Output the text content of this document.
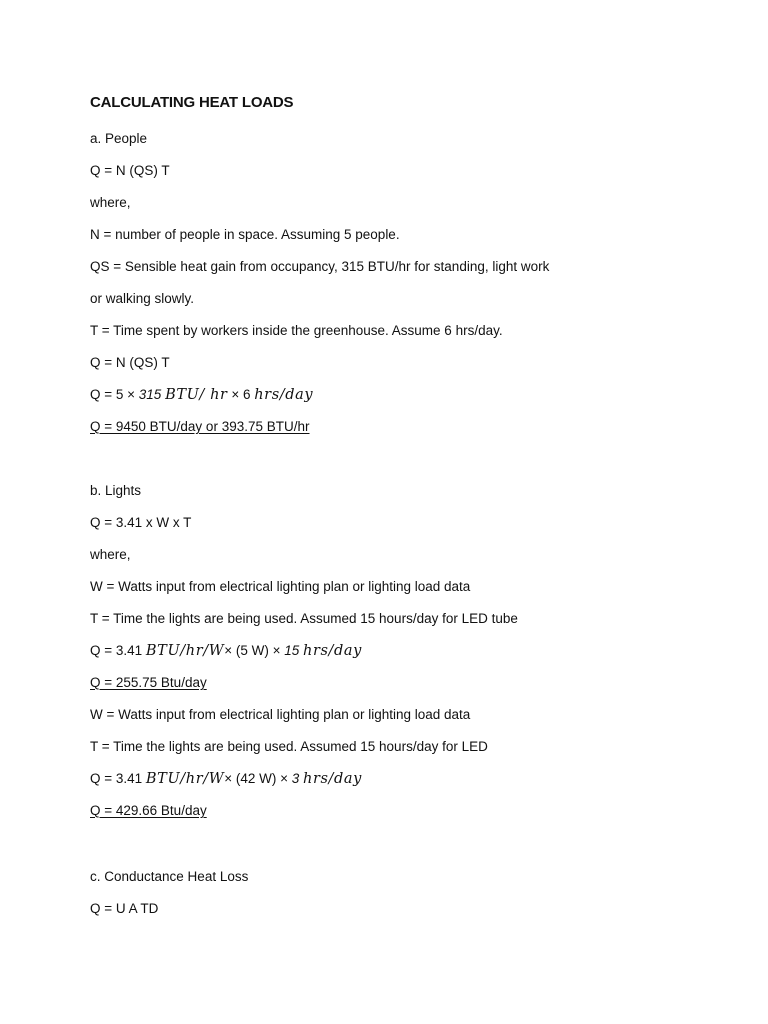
CALCULATING HEAT LOADS
a. People
Q = N (QS) T
where,
N = number of people in space. Assuming 5 people.
QS = Sensible heat gain from occupancy, 315 BTU/hr for standing, light work
or walking slowly.
T = Time spent by workers inside the greenhouse. Assume 6 hrs/day.
Q = N (QS) T
Q = 5 × 315 BTU/ hr × 6 hrs/day
Q = 9450 BTU/day or 393.75 BTU/hr
b. Lights
Q = 3.41 x W x T
where,
W = Watts input from electrical lighting plan or lighting load data
T = Time the lights are being used. Assumed 15 hours/day for LED tube
Q = 3.41 BTU/hr/W× (5 W) × 15 hrs/day
Q = 255.75 Btu/day
W = Watts input from electrical lighting plan or lighting load data
T = Time the lights are being used. Assumed 15 hours/day for LED
Q = 3.41 BTU/hr/W× (42 W) × 3 hrs/day
Q = 429.66 Btu/day
c. Conductance Heat Loss
Q = U A TD
